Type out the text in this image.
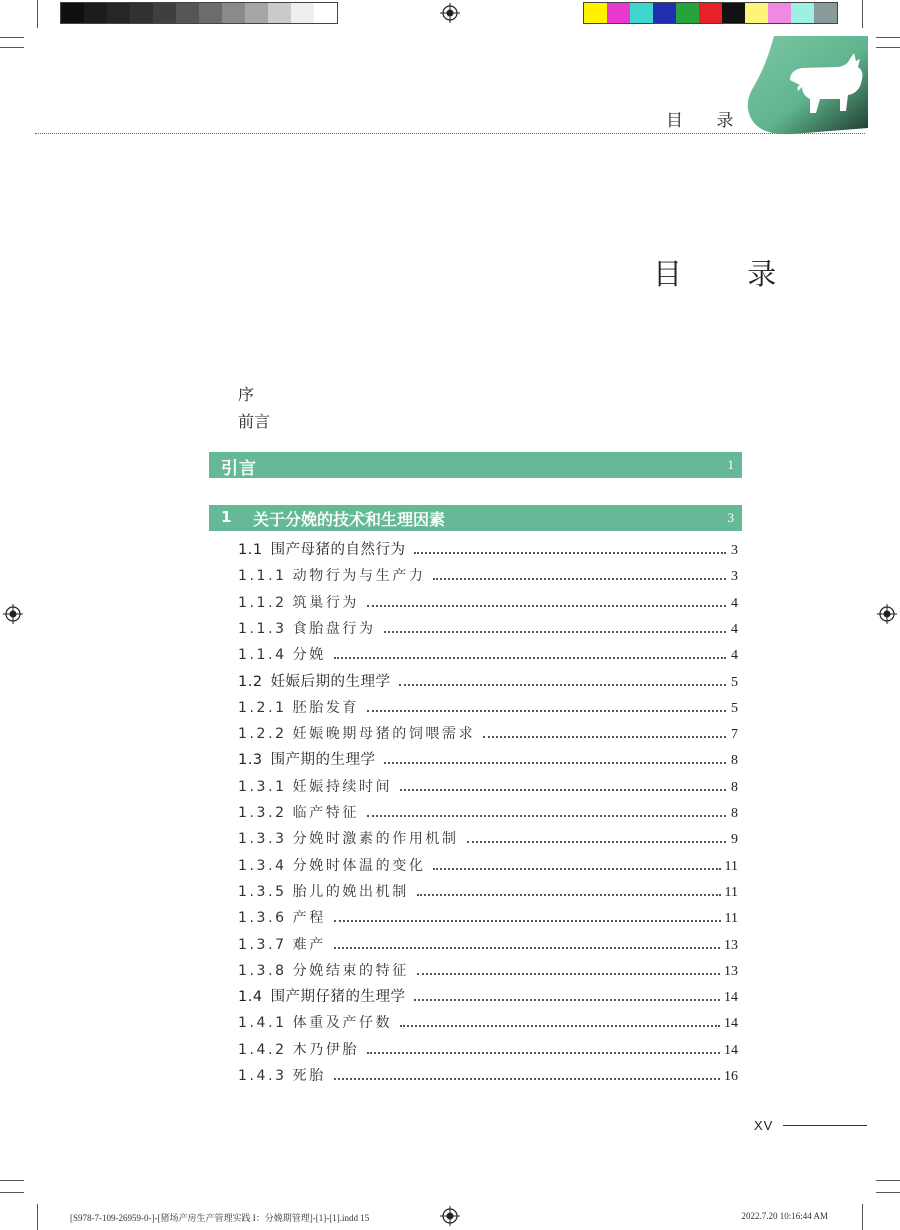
目 录
目 录
序
前言
引言	1
1 关于分娩的技术和生理因素	3
1.1 围产母猪的自然行为	3
1.1.1 动物行为与生产力	3
1.1.2 筑巢行为	4
1.1.3 食胎盘行为	4
1.1.4 分娩	4
1.2 妊娠后期的生理学	5
1.2.1 胚胎发育	5
1.2.2 妊娠晚期母猪的饲喂需求	7
1.3 围产期的生理学	8
1.3.1 妊娠持续时间	8
1.3.2 临产特征	8
1.3.3 分娩时激素的作用机制	9
1.3.4 分娩时体温的变化	11
1.3.5 胎儿的娩出机制	11
1.3.6 产程	11
1.3.7 难产	13
1.3.8 分娩结束的特征	13
1.4 围产期仔猪的生理学	14
1.4.1 体重及产仔数	14
1.4.2 木乃伊胎	14
1.4.3 死胎	16
XV
[S978-7-109-26959-0-]-[猪场产房生产管理实践 I：分娩期管理]-[1]-[1].indd 15	2022.7.20 10:16:44 AM
